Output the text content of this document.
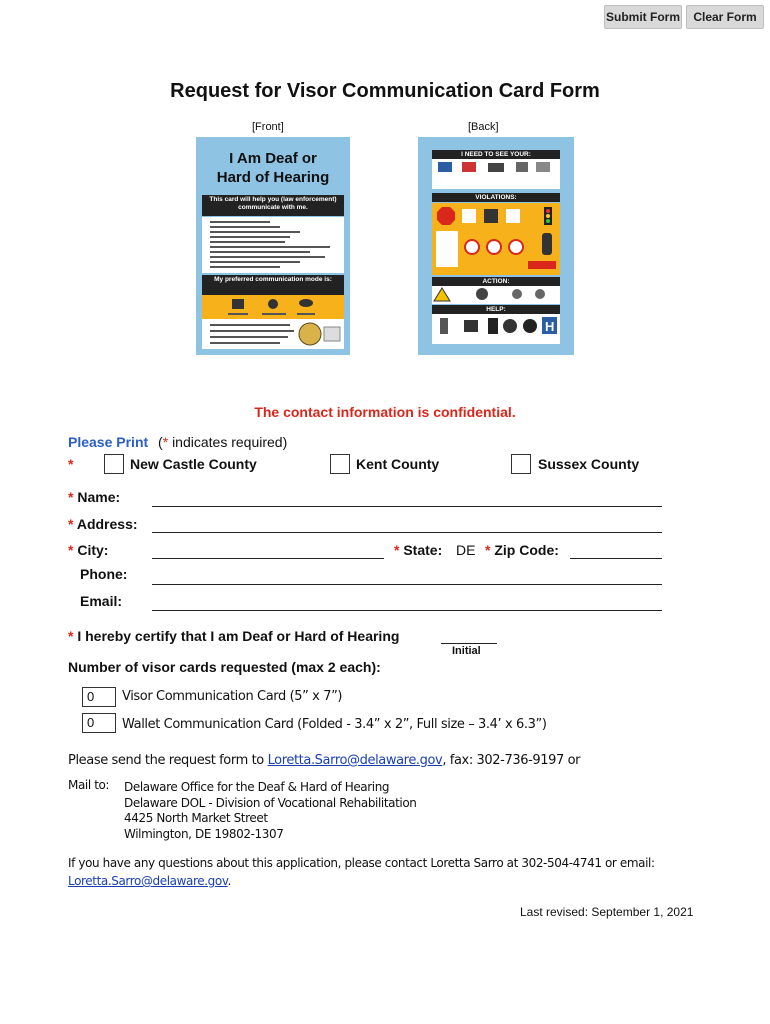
Submit Form	Clear Form
Request for Visor Communication Card Form
[Front]	[Back]
I Am Deaf or
Hard of Hearing
This card will help you (law enforcement) communicate with me.
My preferred communication mode is:
I NEED TO SEE YOUR:
VIOLATIONS:
ACTION:
HELP:
H
The contact information is confidential.
Please Print (* indicates required)
*	New Castle County	Kent County	Sussex County
* Name:
* Address:
* City:	* State: DE * Zip Code:
Phone:
Email:
* I hereby certify that I am Deaf or Hard of Hearing
Initial
Number of visor cards requested (max 2 each):
0	Visor Communication Card (5” x 7”)
0	Wallet Communication Card (Folded - 3.4” x 2”, Full size – 3.4’ x 6.3”)
Please send the request form to Loretta.Sarro@delaware.gov, fax: 302-736-9197 or
Mail to: Delaware Office for the Deaf & Hard of Hearing
Delaware DOL - Division of Vocational Rehabilitation
4425 North Market Street
Wilmington, DE 19802-1307
If you have any questions about this application, please contact Loretta Sarro at 302-504-4741 or email:
Loretta.Sarro@delaware.gov.
Last revised: September 1, 2021
